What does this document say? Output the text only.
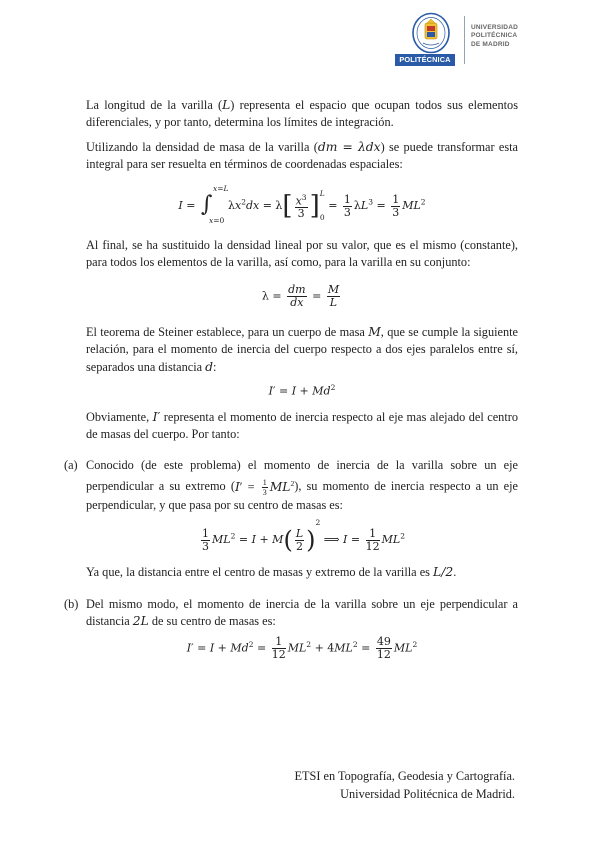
POLITÉCNICA
UNIVERSIDAD
POLITÉCNICA
DE MADRID

La longitud de la varilla (L) representa el espacio que ocupan todos sus elementos diferenciales, y por tanto, determina los límites de integración.

Utilizando la densidad de masa de la varilla (dm = λdx) se puede transformar esta integral para ser resuelta en términos de coordenadas espaciales:

I = ∫
x=L
x=0
$\lambda x^2dx = \lambda[ \frac{x^3}{3} ]L$

$0 = \frac{1}{3} \lambda L^3 = \frac{1}{3} ML^2$

Al final, se ha sustituido la densidad lineal por su valor, que es el mismo (constante), para todos los elementos de la varilla, así como, para la varilla en su conjunto:

$\lambda = \frac{dm}{dx} = \frac{M}{L}$

El teorema de Steiner establece, para un cuerpo de masa M, que se cumple la siguiente relación, para el momento de inercia del cuerpo respecto a dos ejes paralelos entre sí, separados una distancia d:

$I' = I + Md^2$

Obviamente, I′ representa el momento de inercia respecto al eje mas alejado del centro de masas del cuerpo. Por tanto:

(a) Conocido (de este problema) el momento de inercia de la varilla sobre un eje perpendicular a su extremo $(I' = \frac{1}{3} ML^2)$, su momento de inercia respecto a un eje perpendicular, y que pasa por su centro de masas es:

$\frac{1}{3} ML^2 = I + M( \frac{L}{2} )^2$ ⟹ $I = \frac{1}{12} ML^2$

Ya que, la distancia entre el centro de masas y extremo de la varilla es L/2.

(b) Del mismo modo, el momento de inercia de la varilla sobre un eje perpendicular a distancia 2L de su centro de masas es:

$I' = I + Md^2 = \frac{1}{12} ML^2 + 4ML^2 = \frac{49}{12} ML^2$
ETSI en Topografía, Geodesia y Cartografía.
Universidad Politécnica de Madrid.
